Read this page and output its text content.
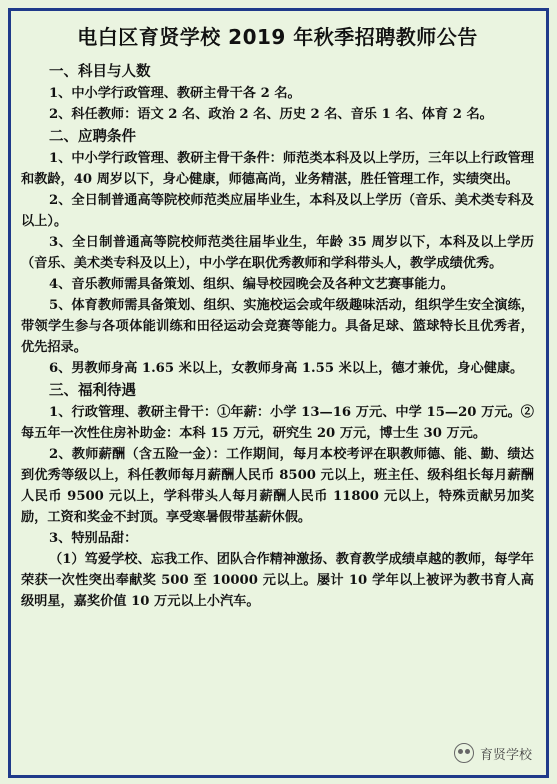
电白区育贤学校 2019 年秋季招聘教师公告
一、科目与人数

1、中小学行政管理、教研主骨干各 2 名。

2、科任教师：语文 2 名、政治 2 名、历史 2 名、音乐 1 名、体育 2 名。

二、应聘条件

1、中小学行政管理、教研主骨干条件：师范类本科及以上学历，三年以上行政管理和教龄，40 周岁以下，身心健康，师德高尚，业务精湛，胜任管理工作，实绩突出。

2、全日制普通高等院校师范类应届毕业生，本科及以上学历（音乐、美术类专科及以上）。

3、全日制普通高等院校师范类往届毕业生，年龄 35 周岁以下，本科及以上学历（音乐、美术类专科及以上），中小学在职优秀教师和学科带头人，教学成绩优秀。

4、音乐教师需具备策划、组织、编导校园晚会及各种文艺赛事能力。

5、体育教师需具备策划、组织、实施校运会或年级趣味活动，组织学生安全演练，带领学生参与各项体能训练和田径运动会竞赛等能力。具备足球、篮球特长且优秀者，优先招录。

6、男教师身高 1.65 米以上，女教师身高 1.55 米以上，德才兼优，身心健康。

三、福利待遇

1、行政管理、教研主骨干：①年薪：小学 13—16 万元、中学 15—20 万元。②每五年一次性住房补助金：本科 15 万元，研究生 20 万元，博士生 30 万元。

2、教师薪酬（含五险一金）：工作期间，每月本校考评在职教师德、能、勤、绩达到优秀等级以上，科任教师每月薪酬人民币 8500 元以上，班主任、级科组长每月薪酬人民币 9500 元以上，学科带头人每月薪酬人民币 11800 元以上，特殊贡献另加奖励，工资和奖金不封顶。享受寒暑假带基薪休假。

3、特别品甜：

（1）笃爱学校、忘我工作、团队合作精神激扬、教育教学成绩卓越的教师，每学年荣获一次性突出奉献奖 500 至 10000 元以上。屡计 10 学年以上被评为教书育人高级明星，嘉奖价值 10 万元以上小汽车。

育贤学校
